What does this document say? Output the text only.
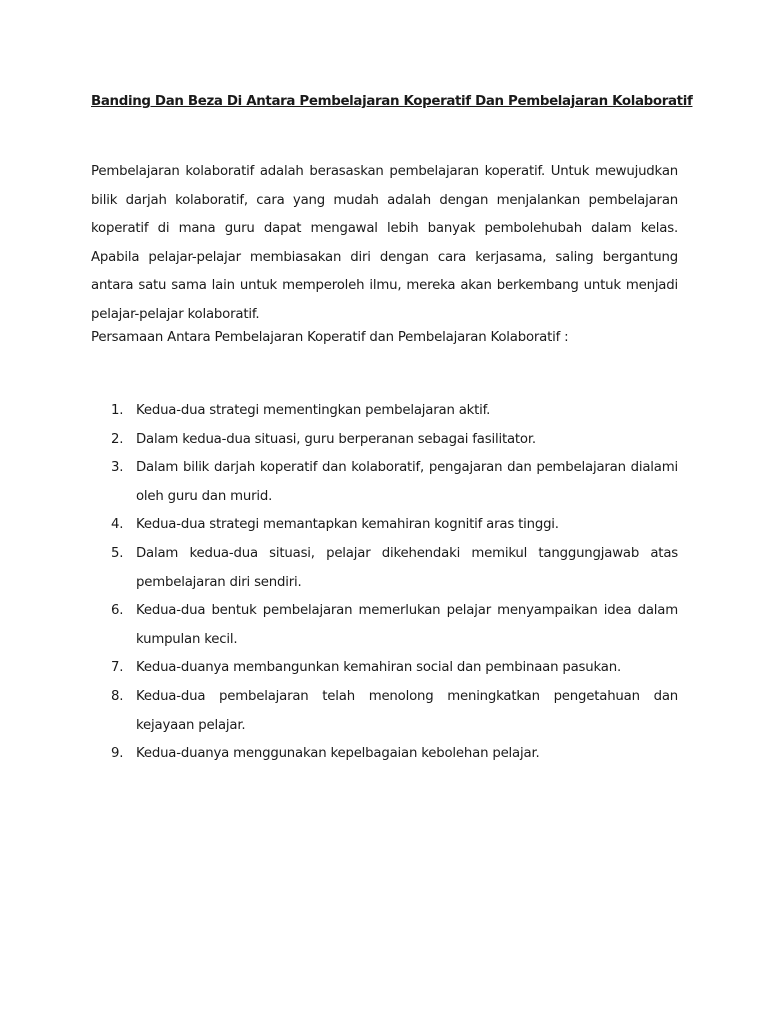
Banding Dan Beza Di Antara Pembelajaran Koperatif Dan Pembelajaran Kolaboratif

Pembelajaran kolaboratif adalah berasaskan pembelajaran koperatif. Untuk mewujudkan bilik darjah kolaboratif, cara yang mudah adalah dengan menjalankan pembelajaran koperatif di mana guru dapat mengawal lebih banyak pembolehubah dalam kelas. Apabila pelajar-pelajar membiasakan diri dengan cara kerjasama, saling bergantung antara satu sama lain untuk memperoleh ilmu, mereka akan berkembang untuk menjadi pelajar-pelajar kolaboratif.

Persamaan Antara Pembelajaran Koperatif dan Pembelajaran Kolaboratif :

1. Kedua-dua strategi mementingkan pembelajaran aktif.
2. Dalam kedua-dua situasi, guru berperanan sebagai fasilitator.
3. Dalam bilik darjah koperatif dan kolaboratif, pengajaran dan pembelajaran dialami oleh guru dan murid.
4. Kedua-dua strategi memantapkan kemahiran kognitif aras tinggi.
5. Dalam kedua-dua situasi, pelajar dikehendaki memikul tanggungjawab atas pembelajaran diri sendiri.
6. Kedua-dua bentuk pembelajaran memerlukan pelajar menyampaikan idea dalam kumpulan kecil.
7. Kedua-duanya membangunkan kemahiran social dan pembinaan pasukan.
8. Kedua-dua pembelajaran telah menolong meningkatkan pengetahuan dan kejayaan pelajar.
9. Kedua-duanya menggunakan kepelbagaian kebolehan pelajar.
